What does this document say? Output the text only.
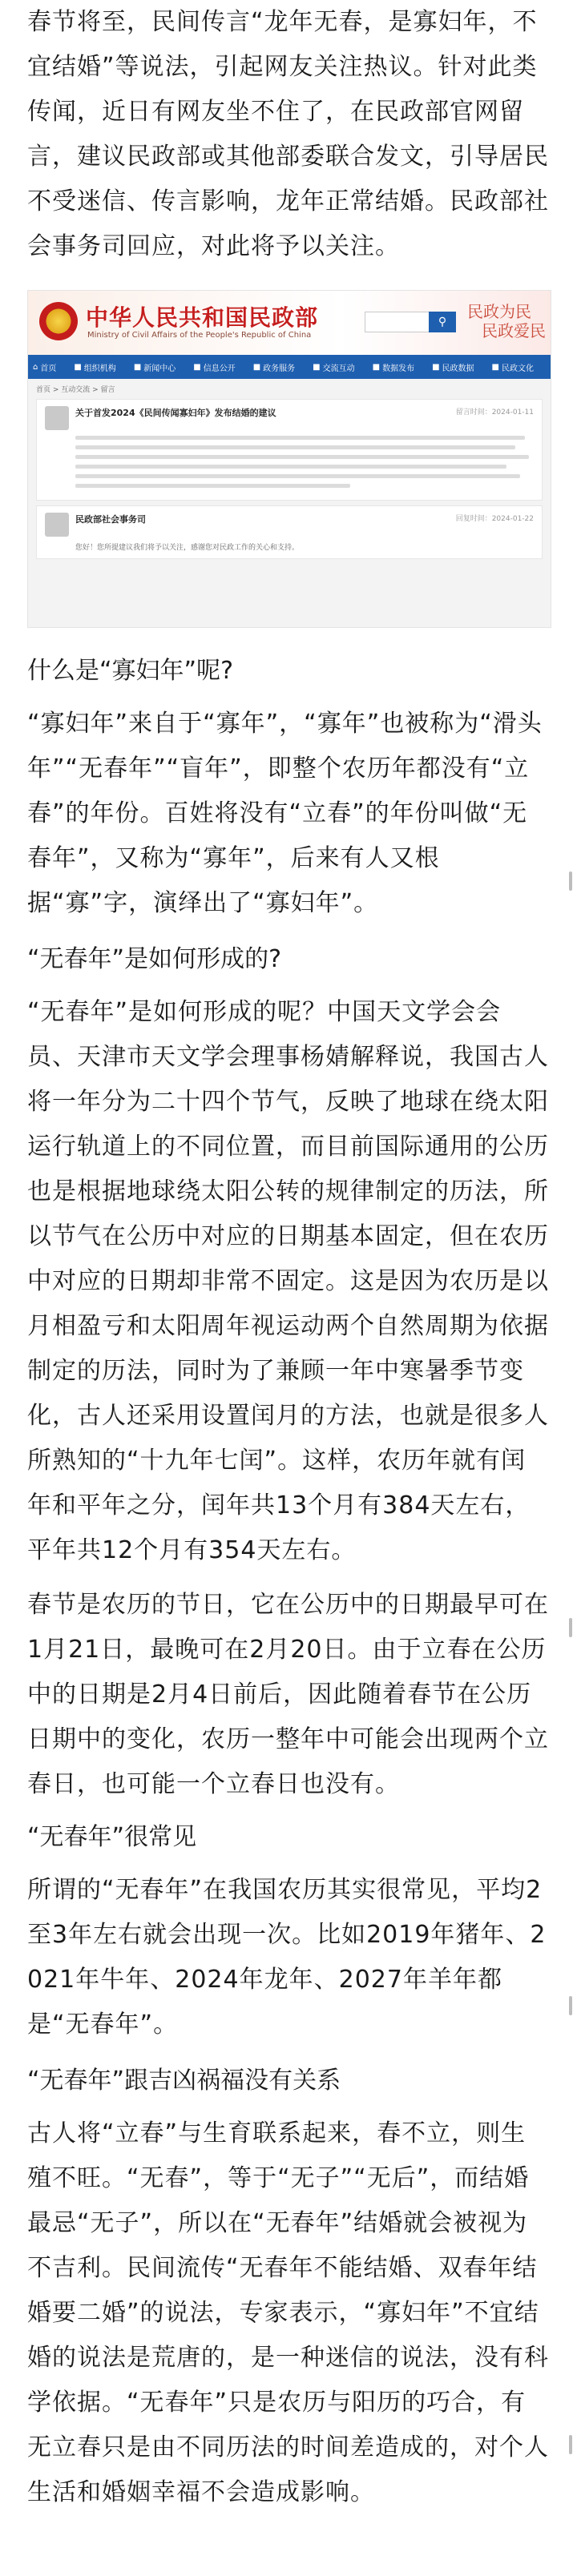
春节将至，民间传言“龙年无春，是寡妇年，不宜结婚”等说法，引起网友关注热议。针对此类传闻，近日有网友坐不住了，在民政部官网留言，建议民政部或其他部委联合发文，引导居民不受迷信、传言影响，龙年正常结婚。民政部社会事务司回应，对此将予以关注。

中华人民共和国民政部
Ministry of Civil Affairs of the People's Republic of China
⚲
民政为民
民政爱民
⌂ 首页 ■ 组织机构 ■ 新闻中心 ■ 信息公开 ■ 政务服务 ■ 交流互动 ■ 数据发布 ■ 民政数据 ■ 民政文化
首页 > 互动交流 > 留言
关于首发2024《民间传闻寡妇年》发布结婚的建议	留言时间：2024-01-11
民政部社会事务司	回复时间：2024-01-22
您好！您所提建议我们将予以关注，感谢您对民政工作的关心和支持。

什么是“寡妇年”呢?

“寡妇年”来自于“寡年”，“寡年”也被称为“滑头年”“无春年”“盲年”，即整个农历年都没有“立春”的年份。百姓将没有“立春”的年份叫做“无春年”，又称为“寡年”，后来有人又根据“寡”字，演绎出了“寡妇年”。

“无春年”是如何形成的?

“无春年”是如何形成的呢？中国天文学会会员、天津市天文学会理事杨婧解释说，我国古人将一年分为二十四个节气，反映了地球在绕太阳运行轨道上的不同位置，而目前国际通用的公历也是根据地球绕太阳公转的规律制定的历法，所以节气在公历中对应的日期基本固定，但在农历中对应的日期却非常不固定。这是因为农历是以月相盈亏和太阳周年视运动两个自然周期为依据制定的历法，同时为了兼顾一年中寒暑季节变化，古人还采用设置闰月的方法，也就是很多人所熟知的“十九年七闰”。这样，农历年就有闰年和平年之分，闰年共13个月有384天左右，平年共12个月有354天左右。

春节是农历的节日，它在公历中的日期最早可在1月21日，最晚可在2月20日。由于立春在公历中的日期是2月4日前后，因此随着春节在公历日期中的变化，农历一整年中可能会出现两个立春日，也可能一个立春日也没有。

“无春年”很常见

所谓的“无春年”在我国农历其实很常见，平均2至3年左右就会出现一次。比如2019年猪年、2021年牛年、2024年龙年、2027年羊年都是“无春年”。

“无春年”跟吉凶祸福没有关系

古人将“立春”与生育联系起来，春不立，则生殖不旺。“无春”，等于“无子”“无后”，而结婚最忌“无子”，所以在“无春年”结婚就会被视为不吉利。民间流传“无春年不能结婚、双春年结婚要二婚”的说法，专家表示，“寡妇年”不宜结婚的说法是荒唐的，是一种迷信的说法，没有科学依据。“无春年”只是农历与阳历的巧合，有无立春只是由不同历法的时间差造成的，对个人生活和婚姻幸福不会造成影响。
